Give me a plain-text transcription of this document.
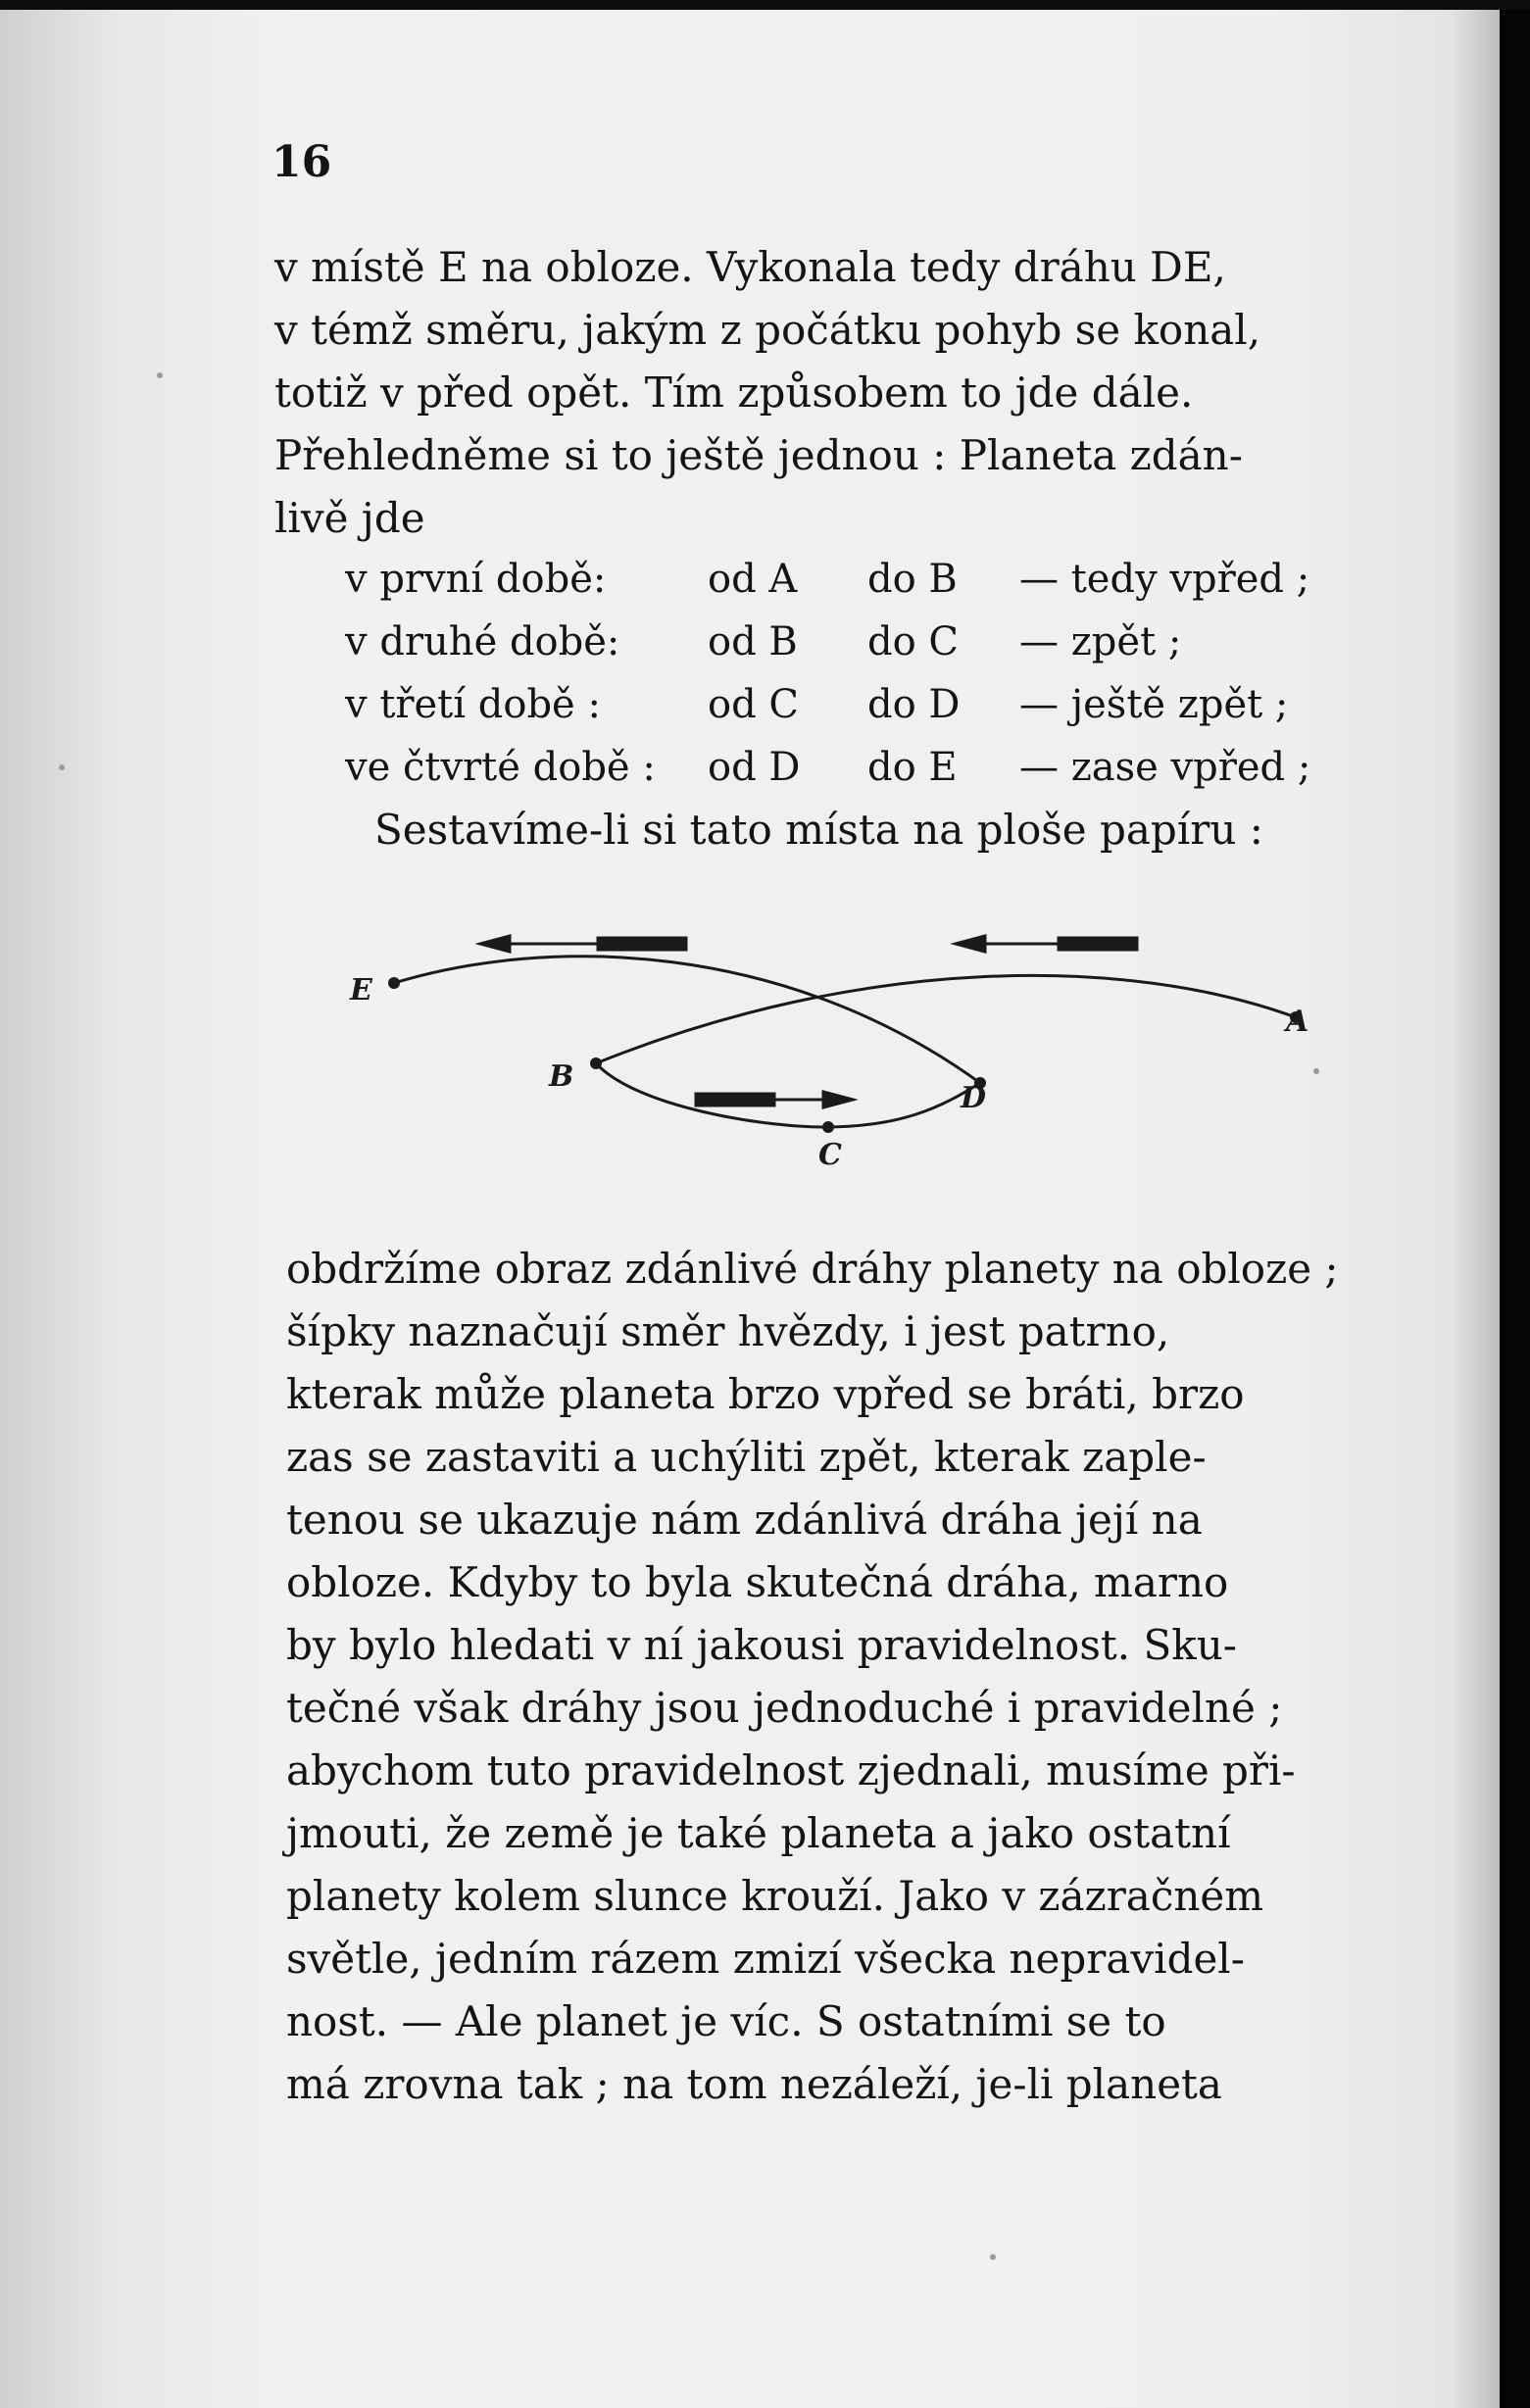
16
v místě E na obloze. Vykonala tedy dráhu DE,
v témž směru, jakým z počátku pohyb se konal,
totiž v před opět. Tím způsobem to jde dále.
Přehledněme si to ještě jednou : Planeta zdán-
livě jde
v první době:	od A do B — tedy vpřed ;
v druhé době: od B do C — zpět ;
v třetí době :	od C do D — ještě zpět ;
ve čtvrté době : od D do E — zase vpřed ;
Sestavíme-li si tato místa na ploše papíru :
E
A
B
D
C
obdržíme obraz zdánlivé dráhy planety na obloze ;
šípky naznačují směr hvězdy, i jest patrno,
kterak může planeta brzo vpřed se bráti, brzo
zas se zastaviti a uchýliti zpět, kterak zaple-
tenou se ukazuje nám zdánlivá dráha její na
obloze. Kdyby to byla skutečná dráha, marno
by bylo hledati v ní jakousi pravidelnost. Sku-
tečné však dráhy jsou jednoduché i pravidelné ;
abychom tuto pravidelnost zjednali, musíme při-
jmouti, že země je také planeta a jako ostatní
planety kolem slunce krouží. Jako v zázračném
světle, jedním rázem zmizí všecka nepravidel-
nost. — Ale planet je víc. S ostatními se to
má zrovna tak ; na tom nezáleží, je-li planeta
